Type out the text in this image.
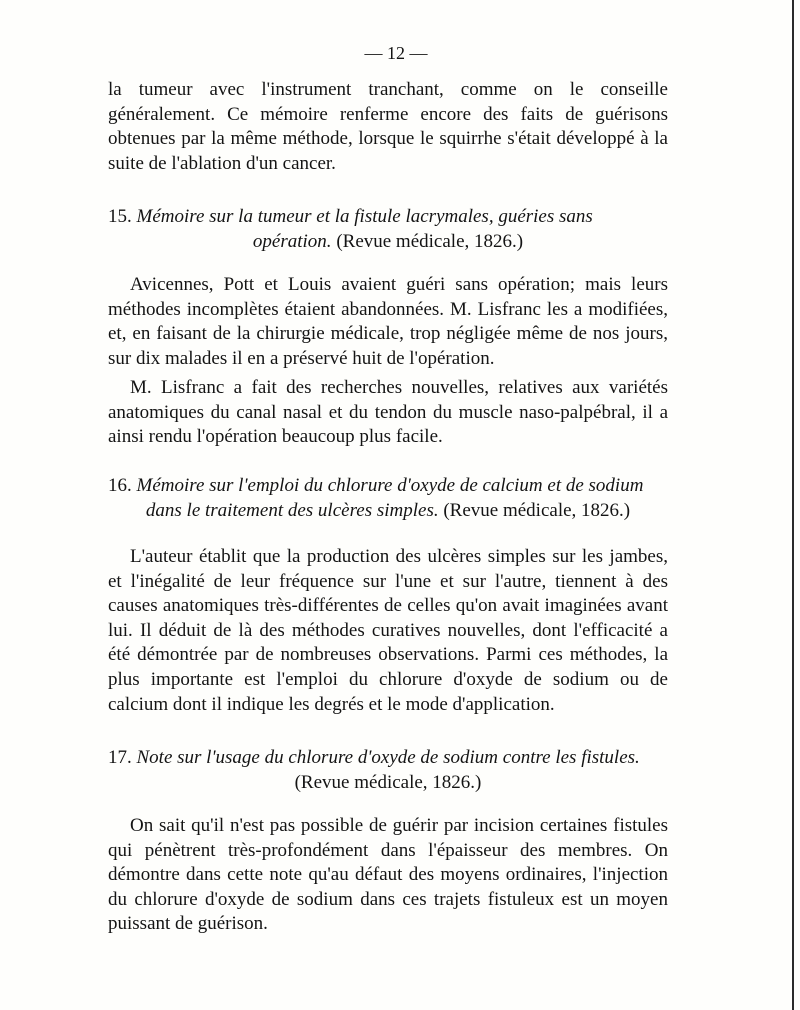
— 12 —

la tumeur avec l'instrument tranchant, comme on le conseille généralement. Ce mémoire renferme encore des faits de guérisons obtenues par la même méthode, lorsque le squirrhe s'était développé à la suite de l'ablation d'un cancer.

15. Mémoire sur la tumeur et la fistule lacrymales, guéries sans

opération. (Revue médicale, 1826.)

Avicennes, Pott et Louis avaient guéri sans opération; mais leurs méthodes incomplètes étaient abandonnées. M. Lisfranc les a modifiées, et, en faisant de la chirurgie médicale, trop négligée même de nos jours, sur dix malades il en a préservé huit de l'opération.

M. Lisfranc a fait des recherches nouvelles, relatives aux variétés anatomiques du canal nasal et du tendon du muscle naso-palpébral, il a ainsi rendu l'opération beaucoup plus facile.

16. Mémoire sur l'emploi du chlorure d'oxyde de calcium et de sodium

dans le traitement des ulcères simples. (Revue médicale, 1826.)

L'auteur établit que la production des ulcères simples sur les jambes, et l'inégalité de leur fréquence sur l'une et sur l'autre, tiennent à des causes anatomiques très-différentes de celles qu'on avait imaginées avant lui. Il déduit de là des méthodes curatives nouvelles, dont l'efficacité a été démontrée par de nombreuses observations. Parmi ces méthodes, la plus importante est l'emploi du chlorure d'oxyde de sodium ou de calcium dont il indique les degrés et le mode d'application.

17. Note sur l'usage du chlorure d'oxyde de sodium contre les fistules.

(Revue médicale, 1826.)

On sait qu'il n'est pas possible de guérir par incision certaines fistules qui pénètrent très-profondément dans l'épaisseur des membres. On démontre dans cette note qu'au défaut des moyens ordinaires, l'injection du chlorure d'oxyde de sodium dans ces trajets fistuleux est un moyen puissant de guérison.
